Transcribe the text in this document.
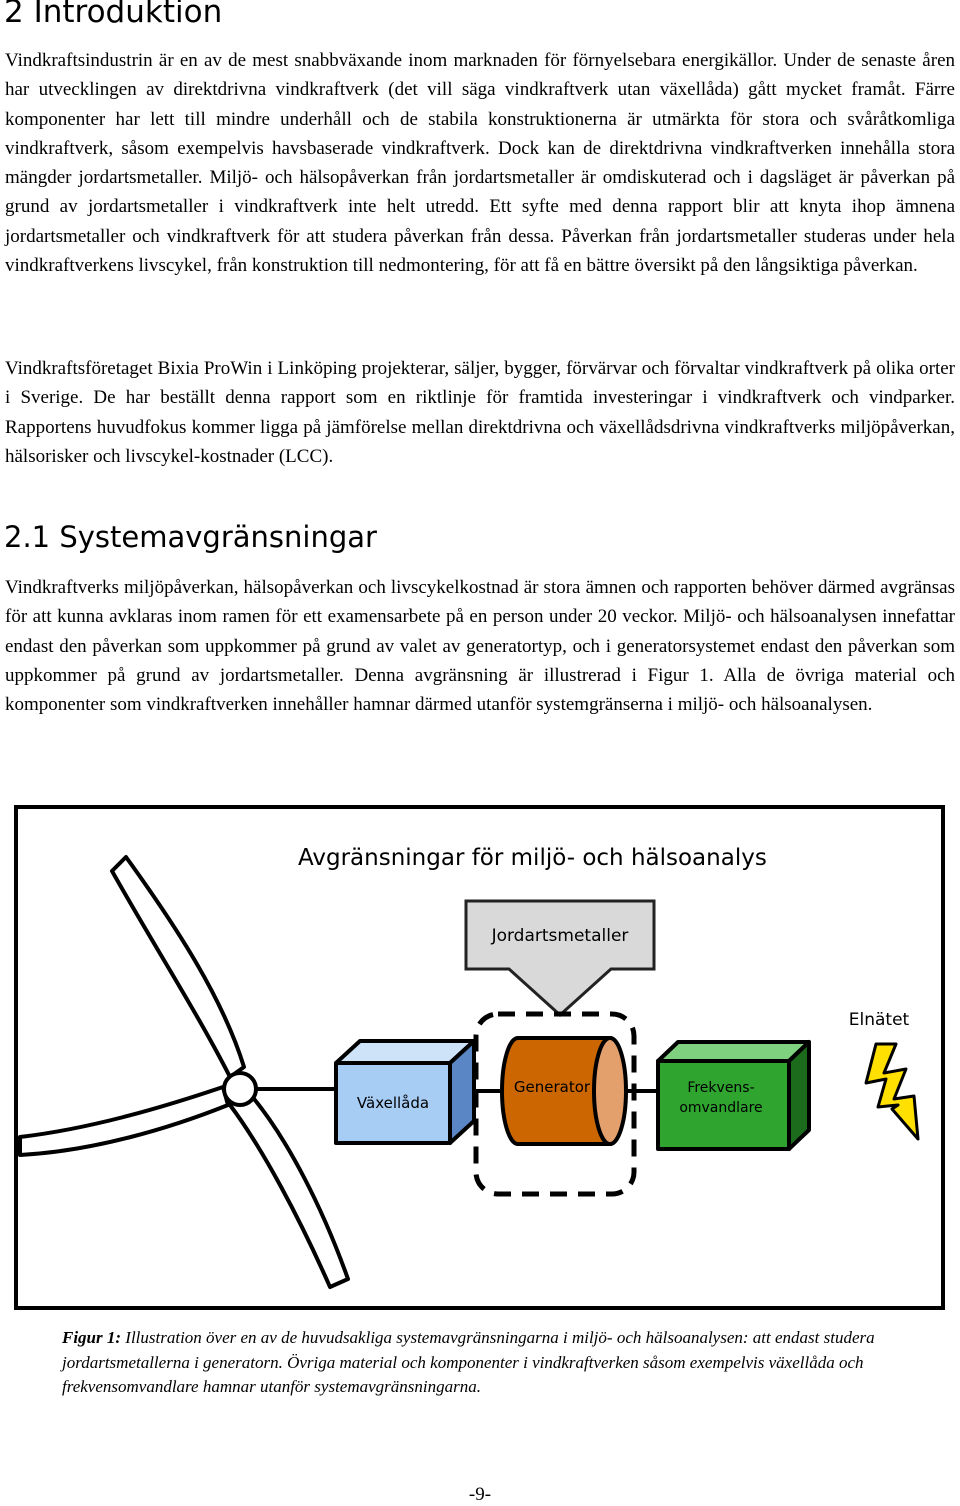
2 Introduktion

Vindkraftsindustrin är en av de mest snabbväxande inom marknaden för förnyelsebara energikällor. Under de senaste åren har utvecklingen av direktdrivna vindkraftverk (det vill säga vindkraftverk utan växellåda) gått mycket framåt. Färre komponenter har lett till mindre underhåll och de stabila konstruktionerna är utmärkta för stora och svåråtkomliga vindkraftverk, såsom exempelvis havsbaserade vindkraftverk. Dock kan de direktdrivna vindkraftverken innehålla stora mängder jordartsmetaller. Miljö- och hälsopåverkan från jordartsmetaller är omdiskuterad och i dagsläget är påverkan på grund av jordartsmetaller i vindkraftverk inte helt utredd. Ett syfte med denna rapport blir att knyta ihop ämnena jordartsmetaller och vindkraftverk för att studera påverkan från dessa. Påverkan från jordartsmetaller studeras under hela vindkraftverkens livscykel, från konstruktion till nedmontering, för att få en bättre översikt på den långsiktiga påverkan.

Vindkraftsföretaget Bixia ProWin i Linköping projekterar, säljer, bygger, förvärvar och förvaltar vindkraftverk på olika orter i Sverige. De har beställt denna rapport som en riktlinje för framtida investeringar i vindkraftverk och vindparker. Rapportens huvudfokus kommer ligga på jämförelse mellan direktdrivna och växellådsdrivna vindkraftverks miljöpåverkan, hälsorisker och livscykel-kostnader (LCC).

2.1 Systemavgränsningar

Vindkraftverks miljöpåverkan, hälsopåverkan och livscykelkostnad är stora ämnen och rapporten behöver därmed avgränsas för att kunna avklaras inom ramen för ett examensarbete på en person under 20 veckor. Miljö- och hälsoanalysen innefattar endast den påverkan som uppkommer på grund av valet av generatortyp, och i generatorsystemet endast den påverkan som uppkommer på grund av jordartsmetaller. Denna avgränsning är illustrerad i Figur 1. Alla de övriga material och komponenter som vindkraftverken innehåller hamnar därmed utanför systemgränserna i miljö- och hälsoanalysen.

Avgränsningar för miljö- och hälsoanalys
Jordartsmetaller
Växellåda
Generator	Frekvens-
omvandlare
Elnätet

Figur 1: Illustration över en av de huvudsakliga systemavgränsningarna i miljö- och hälsoanalysen: att endast studera jordartsmetallerna i generatorn. Övriga material och komponenter i vindkraftverken såsom exempelvis växellåda och frekvensomvandlare hamnar utanför systemavgränsningarna.

-9-
